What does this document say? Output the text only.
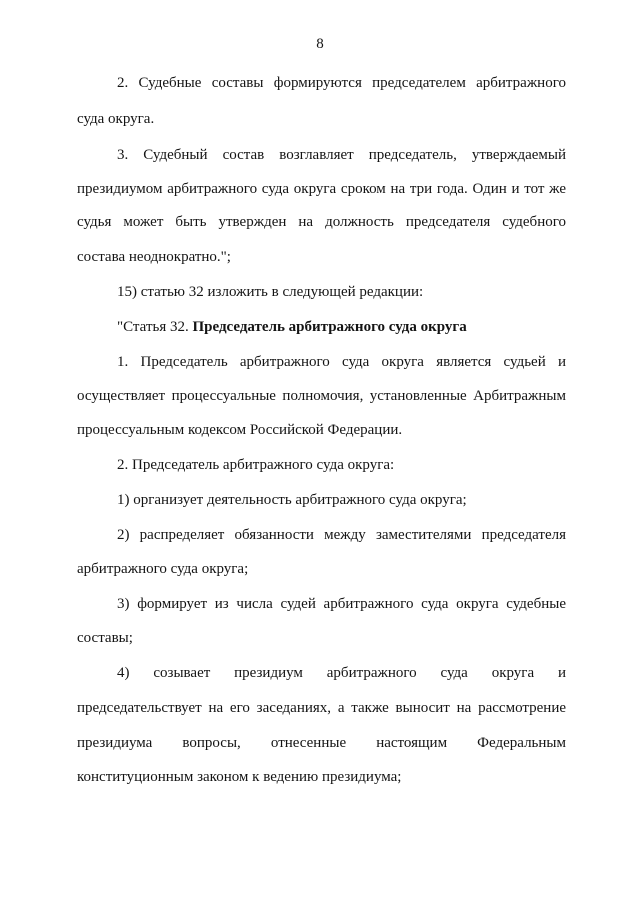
8
2. Судебные составы формируются председателем арбитражного
суда округа.
3. Судебный состав возглавляет председатель, утверждаемый
президиумом арбитражного суда округа сроком на три года. Один и тот же
судья может быть утвержден на должность председателя судебного
состава неоднократно.";
15) статью 32 изложить в следующей редакции:
"Статья 32. Председатель арбитражного суда округа
1. Председатель арбитражного суда округа является судьей и
осуществляет процессуальные полномочия, установленные Арбитражным
процессуальным кодексом Российской Федерации.
2. Председатель арбитражного суда округа:
1) организует деятельность арбитражного суда округа;
2) распределяет обязанности между заместителями председателя
арбитражного суда округа;
3) формирует из числа судей арбитражного суда округа судебные
составы;
4) созывает президиум арбитражного суда округа и
председательствует на его заседаниях, а также выносит на рассмотрение
президиума вопросы, отнесенные настоящим Федеральным
конституционным законом к ведению президиума;
